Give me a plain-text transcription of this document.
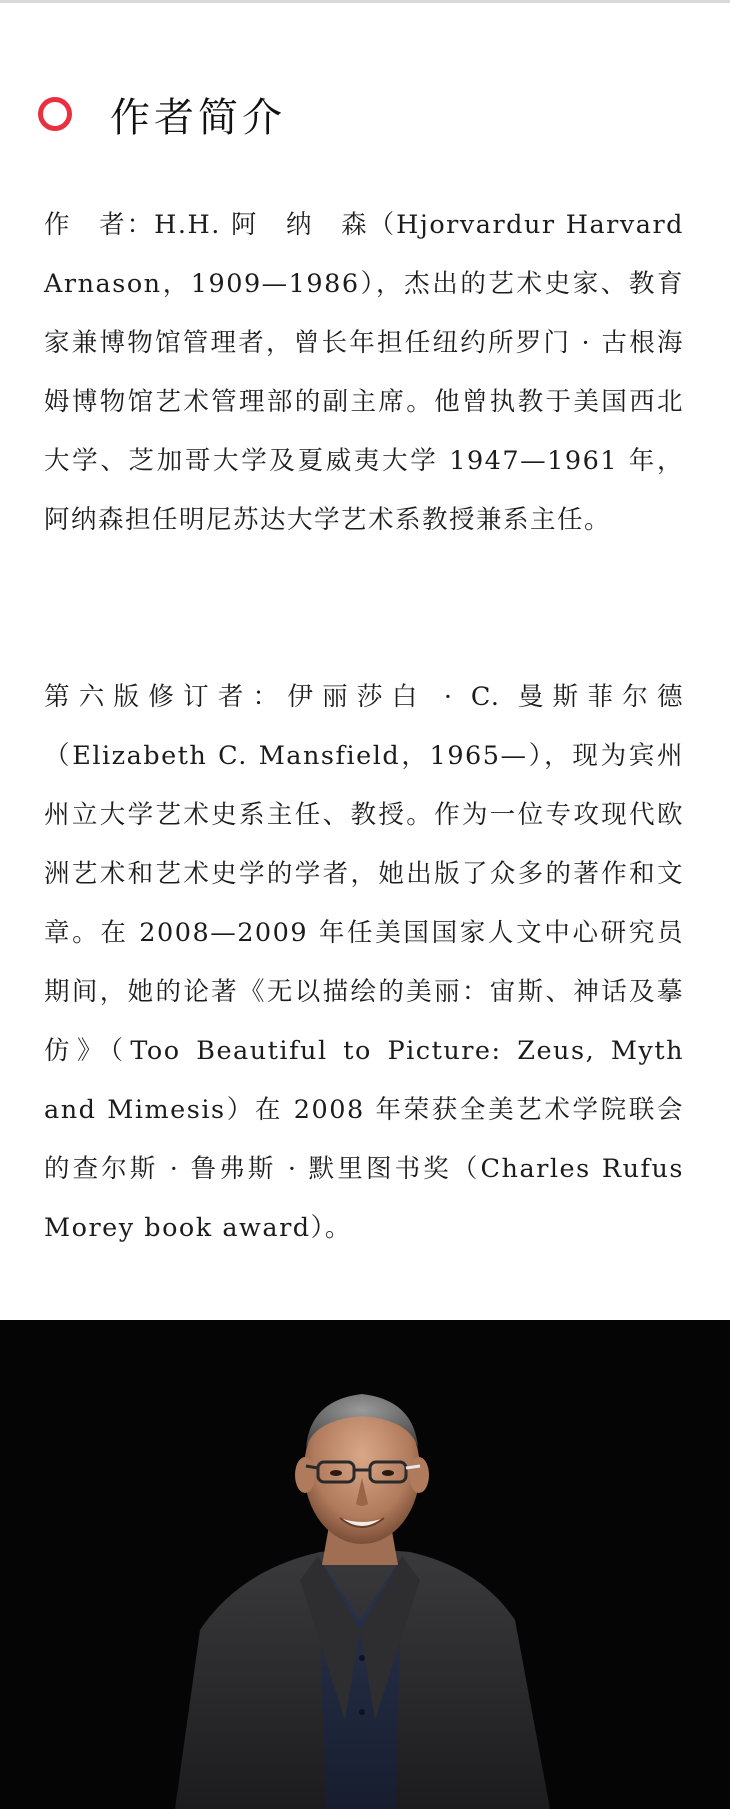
作者简介

作　者：H.H. 阿　纳　森（Hjorvardur Harvard Arnason，1909—1986），杰出的艺术史家、教育家兼博物馆管理者，曾长年担任纽约所罗门 · 古根海姆博物馆艺术管理部的副主席。他曾执教于美国西北大学、芝加哥大学及夏威夷大学 1947—1961 年，阿纳森担任明尼苏达大学艺术系教授兼系主任。

第六版修订者：伊丽莎白 · C. 曼斯菲尔德（Elizabeth C. Mansfield，1965—），现为宾州州立大学艺术史系主任、教授。作为一位专攻现代欧洲艺术和艺术史学的学者，她出版了众多的著作和文章。在 2008—2009 年任美国国家人文中心研究员期间，她的论著《无以描绘的美丽：宙斯、神话及摹仿》（Too Beautiful to Picture: Zeus, Myth and Mimesis）在 2008 年荣获全美艺术学院联会的查尔斯 · 鲁弗斯 · 默里图书奖（Charles Rufus Morey book award）。
